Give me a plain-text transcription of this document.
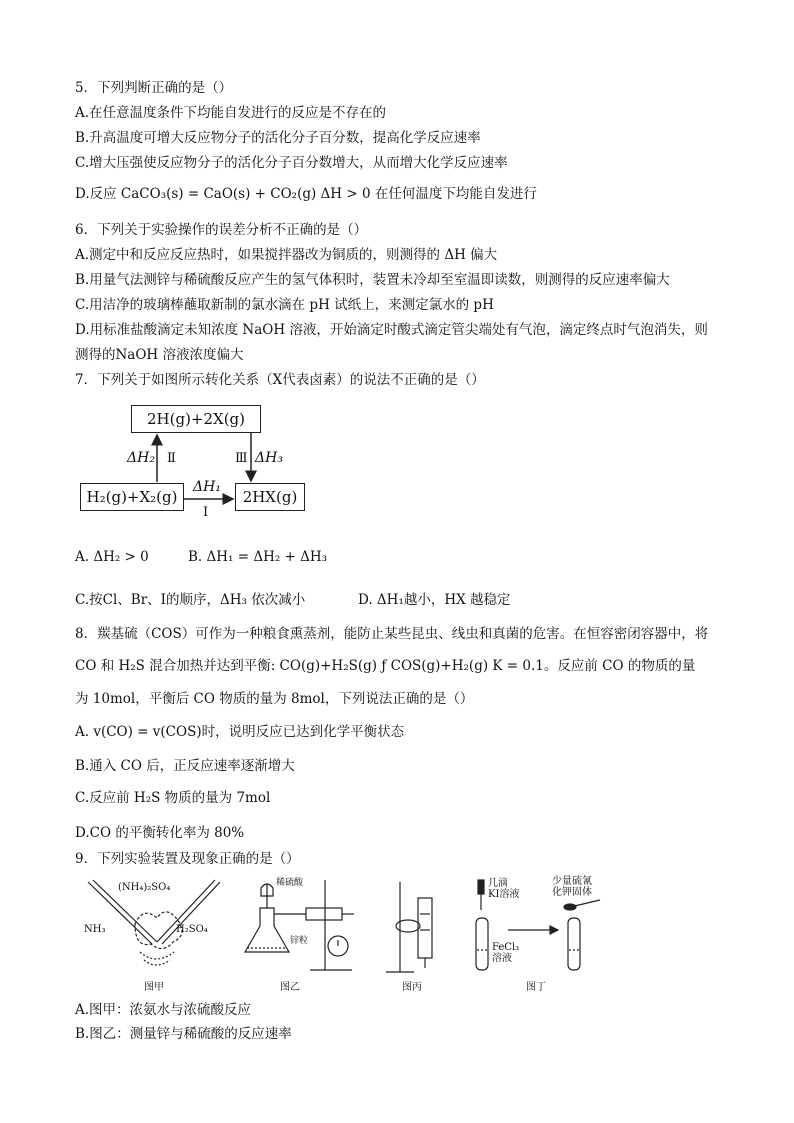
5．下列判断正确的是（）
A.在任意温度条件下均能自发进行的反应是不存在的
B.升高温度可增大反应物分子的活化分子百分数，提高化学反应速率
C.增大压强使反应物分子的活化分子百分数增大，从而增大化学反应速率
D.反应 CaCO₃(s) = CaO(s) + CO₂(g) ΔH > 0 在任何温度下均能自发进行
6．下列关于实验操作的误差分析不正确的是（）
A.测定中和反应反应热时，如果搅拌器改为铜质的，则测得的 ΔH 偏大
B.用量气法测锌与稀硫酸反应产生的氢气体积时，装置未冷却至室温即读数，则测得的反应速率偏大
C.用洁净的玻璃棒蘸取新制的氯水滴在 pH 试纸上，来测定氯水的 pH
D.用标准盐酸滴定未知浓度 NaOH 溶液，开始滴定时酸式滴定管尖端处有气泡，滴定终点时气泡消失，则
测得的NaOH 溶液浓度偏大
7．下列关于如图所示转化关系（X代表卤素）的说法不正确的是（）
2H(g)+2X(g)
H₂(g)+X₂(g)	2HX(g)
ΔH₂ Ⅱ	Ⅲ ΔH₃
ΔH₁
Ⅰ
A. ΔH₂ > 0	B. ΔH₁ = ΔH₂ + ΔH₃
C.按Cl、Br、I的顺序，ΔH₃ 依次减小	D. ΔH₁越小，HX 越稳定
8．羰基硫（COS）可作为一种粮食熏蒸剂，能防止某些昆虫、线虫和真菌的危害。在恒容密闭容器中，将
CO 和 H₂S 混合加热并达到平衡: CO(g)+H₂S(g) ƒ COS(g)+H₂(g) K = 0.1。反应前 CO 的物质的量
为 10mol，平衡后 CO 物质的量为 8mol，下列说法正确的是（）
A. v(CO) = v(COS)时，说明反应已达到化学平衡状态
B.通入 CO 后，正反应速率逐渐增大
C.反应前 H₂S 物质的量为 7mol
D.CO 的平衡转化率为 80%
9．下列实验装置及现象正确的是（）
(NH₄)₂SO₄
NH₃	H₂SO₄
稀硫酸
锌粒
几滴
KI溶液
FeCl₃
溶液
少量硫氰
化钾固体
图甲	图乙	图丙	图丁
A.图甲：浓氨水与浓硫酸反应
B.图乙：测量锌与稀硫酸的反应速率
